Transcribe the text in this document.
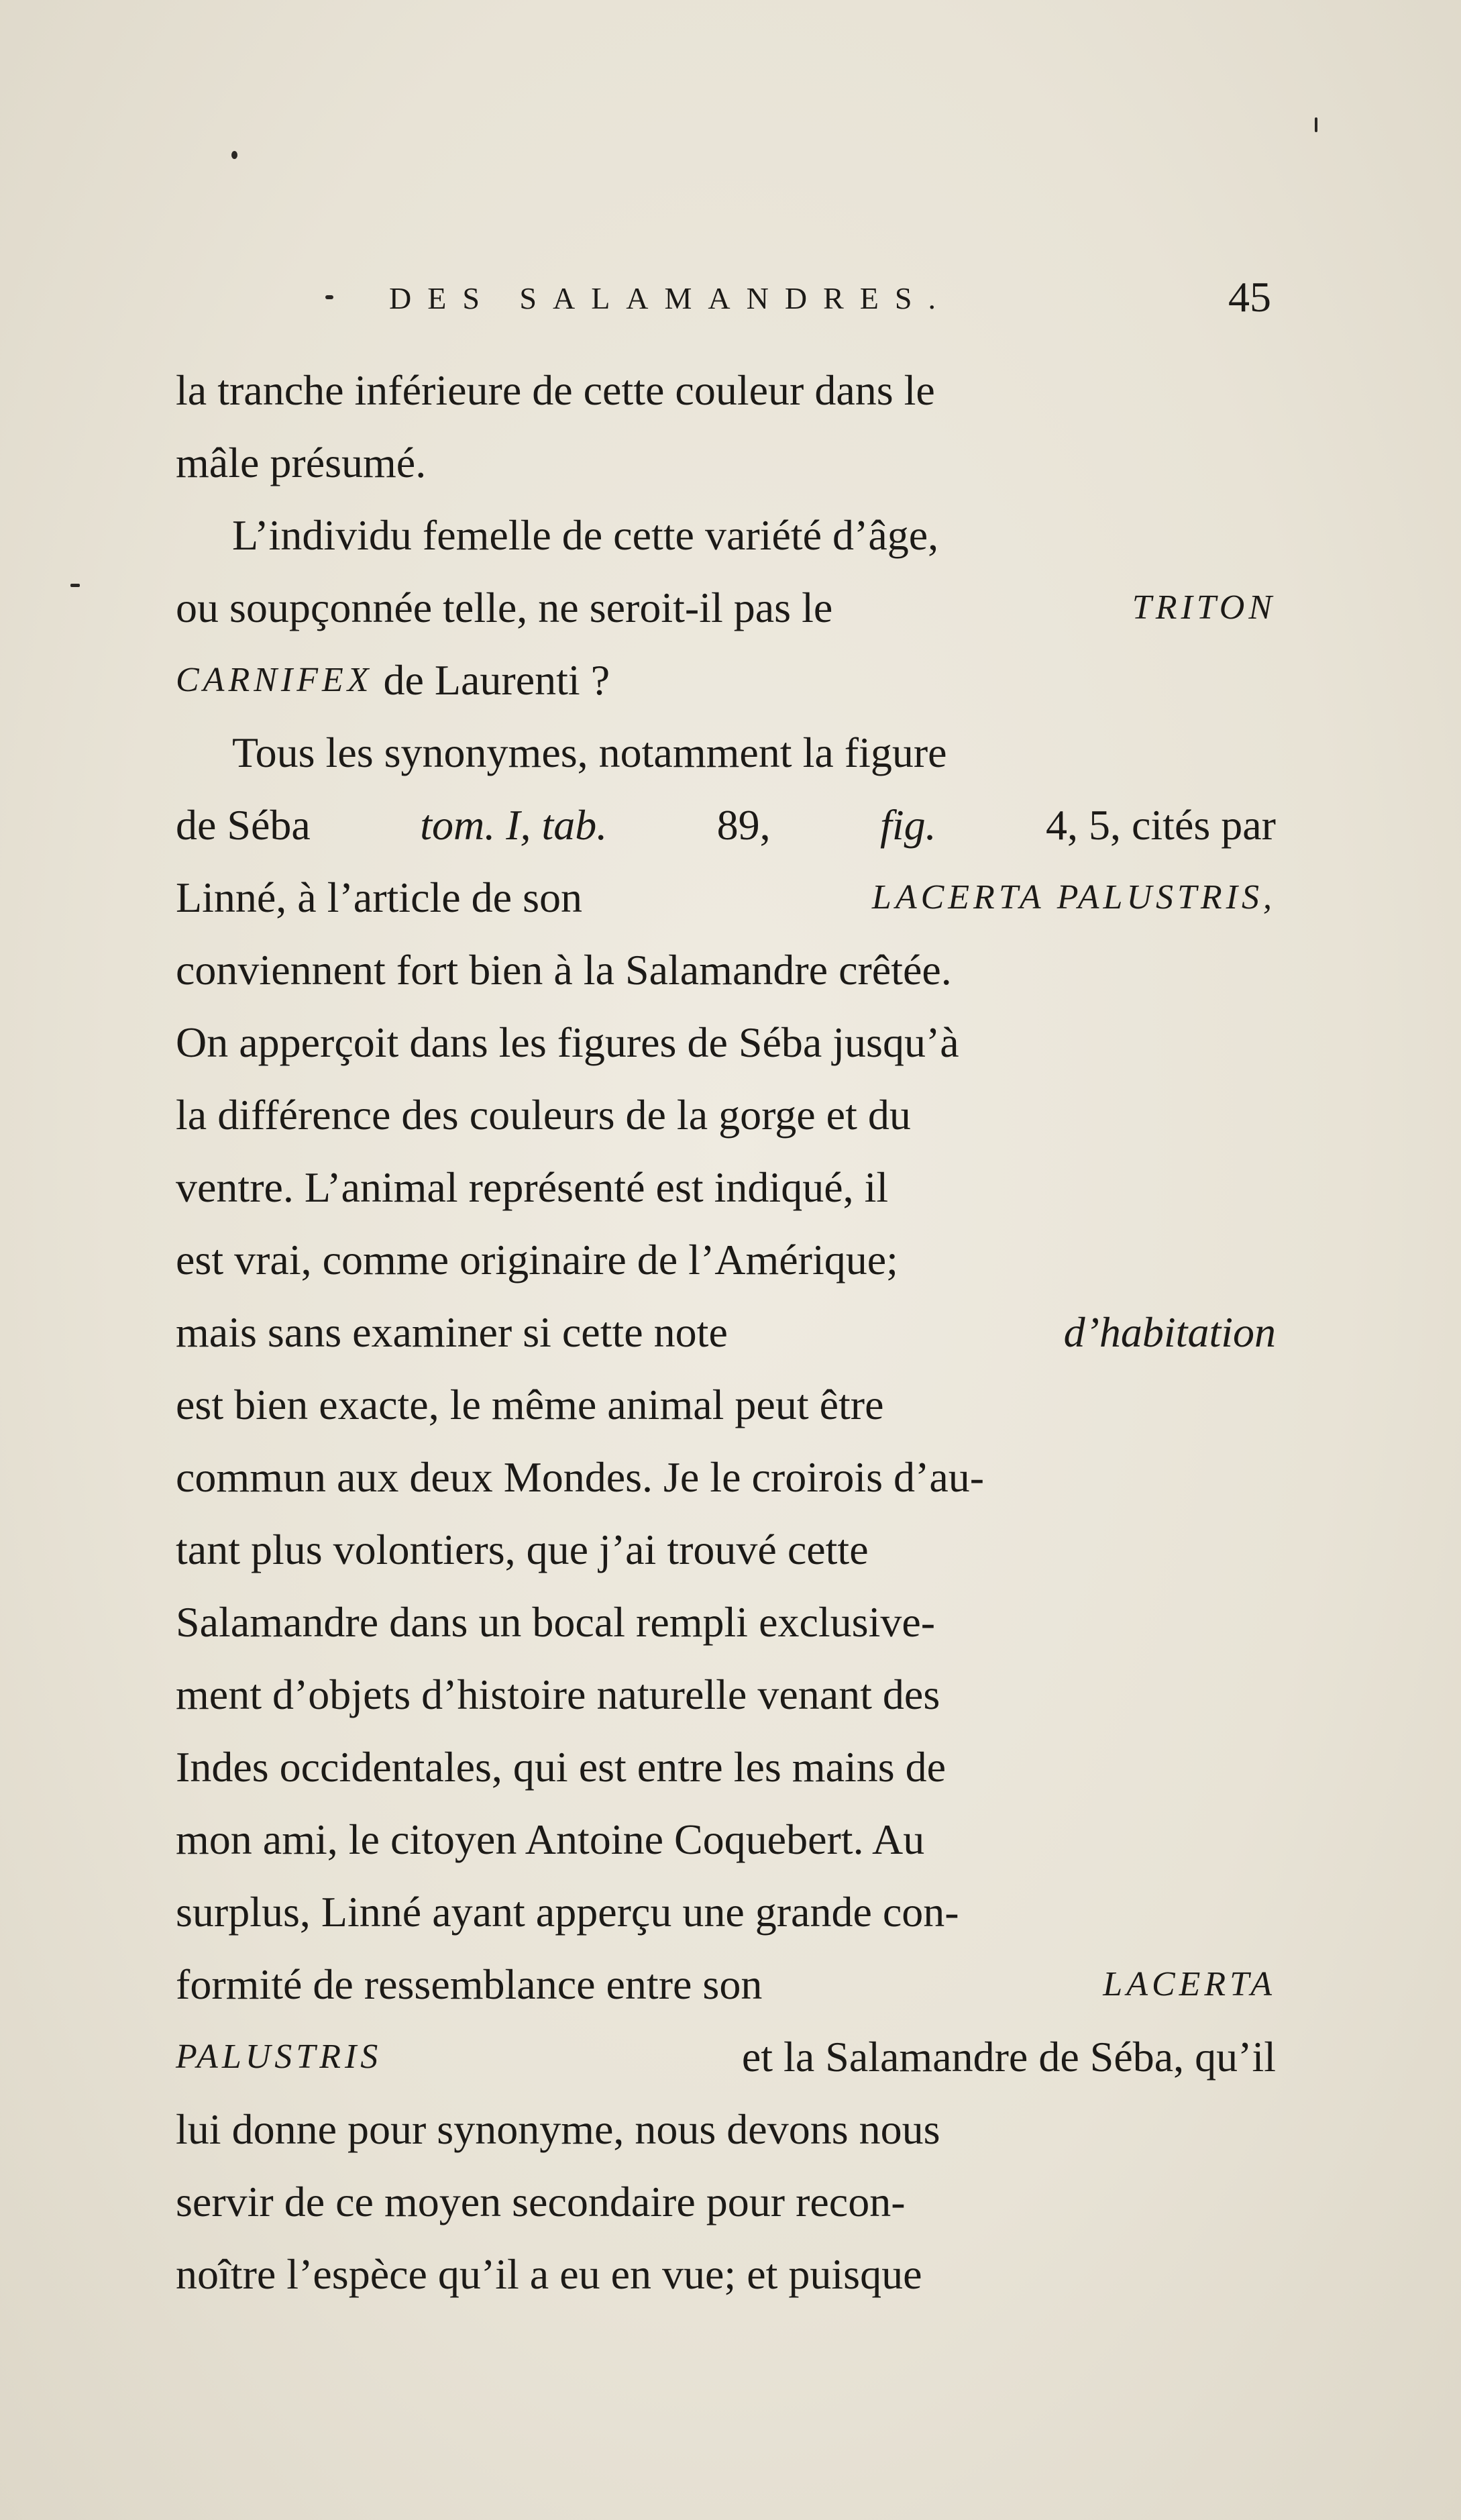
DES SALAMANDRES.	45
la tranche inférieure de cette couleur dans le
mâle présumé.
L’individu femelle de cette variété d’âge,
ou soupçonnée telle, ne seroit-il pas le	TRITON
CARNIFEX
de Laurenti ?
Tous les synonymes, notamment la figure
de Séba	tom. I, tab.	89,	fig.	4, 5, cités par
Linné, à l’article de son	LACERTA PALUSTRIS,
conviennent fort bien à la Salamandre crêtée.
On apperçoit dans les figures de Séba jusqu’à
la différence des couleurs de la gorge et du
ventre. L’animal représenté est indiqué, il
est vrai, comme originaire de l’Amérique;
mais sans examiner si cette note	d’habitation
est bien exacte, le même animal peut être
commun aux deux Mondes. Je le croirois d’au-
tant plus volontiers, que j’ai trouvé cette
Salamandre dans un bocal rempli exclusive-
ment d’objets d’histoire naturelle venant des
Indes occidentales, qui est entre les mains de
mon ami, le citoyen Antoine Coquebert. Au
surplus, Linné ayant apperçu une grande con-
formité de ressemblance entre son	LACERTA
PALUSTRIS	et la Salamandre de Séba, qu’il
lui donne pour synonyme, nous devons nous
servir de ce moyen secondaire pour recon-
noître l’espèce qu’il a eu en vue; et puisque
